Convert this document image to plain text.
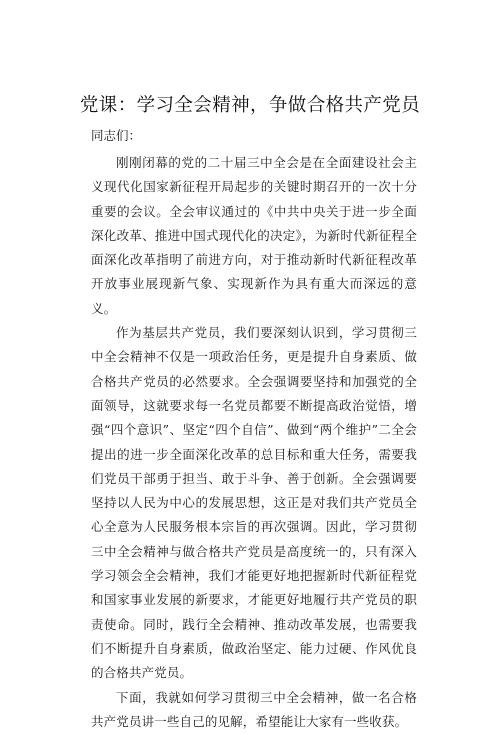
党课：学习全会精神，争做合格共产党员

同志们：

刚刚闭幕的党的二十届三中全会是在全面建设社会主义现代化国家新征程开局起步的关键时期召开的一次十分重要的会议。全会审议通过的《中共中央关于进一步全面深化改革、推进中国式现代化的决定》，为新时代新征程全面深化改革指明了前进方向，对于推动新时代新征程改革开放事业展现新气象、实现新作为具有重大而深远的意义。

作为基层共产党员，我们要深刻认识到，学习贯彻三中全会精神不仅是一项政治任务，更是提升自身素质、做合格共产党员的必然要求。全会强调要坚持和加强党的全面领导，这就要求每一名党员都要不断提高政治觉悟，增强“四个意识”、坚定“四个自信”、做到“两个维护”二全会提出的进一步全面深化改革的总目标和重大任务，需要我们党员干部勇于担当、敢于斗争、善于创新。全会强调要坚持以人民为中心的发展思想，这正是对我们共产党员全心全意为人民服务根本宗旨的再次强调。因此，学习贯彻三中全会精神与做合格共产党员是高度统一的，只有深入学习领会全会精神，我们才能更好地把握新时代新征程党和国家事业发展的新要求，才能更好地履行共产党员的职责使命。同时，践行全会精神、推动改革发展，也需要我们不断提升自身素质，做政治坚定、能力过硬、作风优良的合格共产党员。

下面，我就如何学习贯彻三中全会精神，做一名合格共产党员讲一些自己的见解，希望能让大家有一些收获。
